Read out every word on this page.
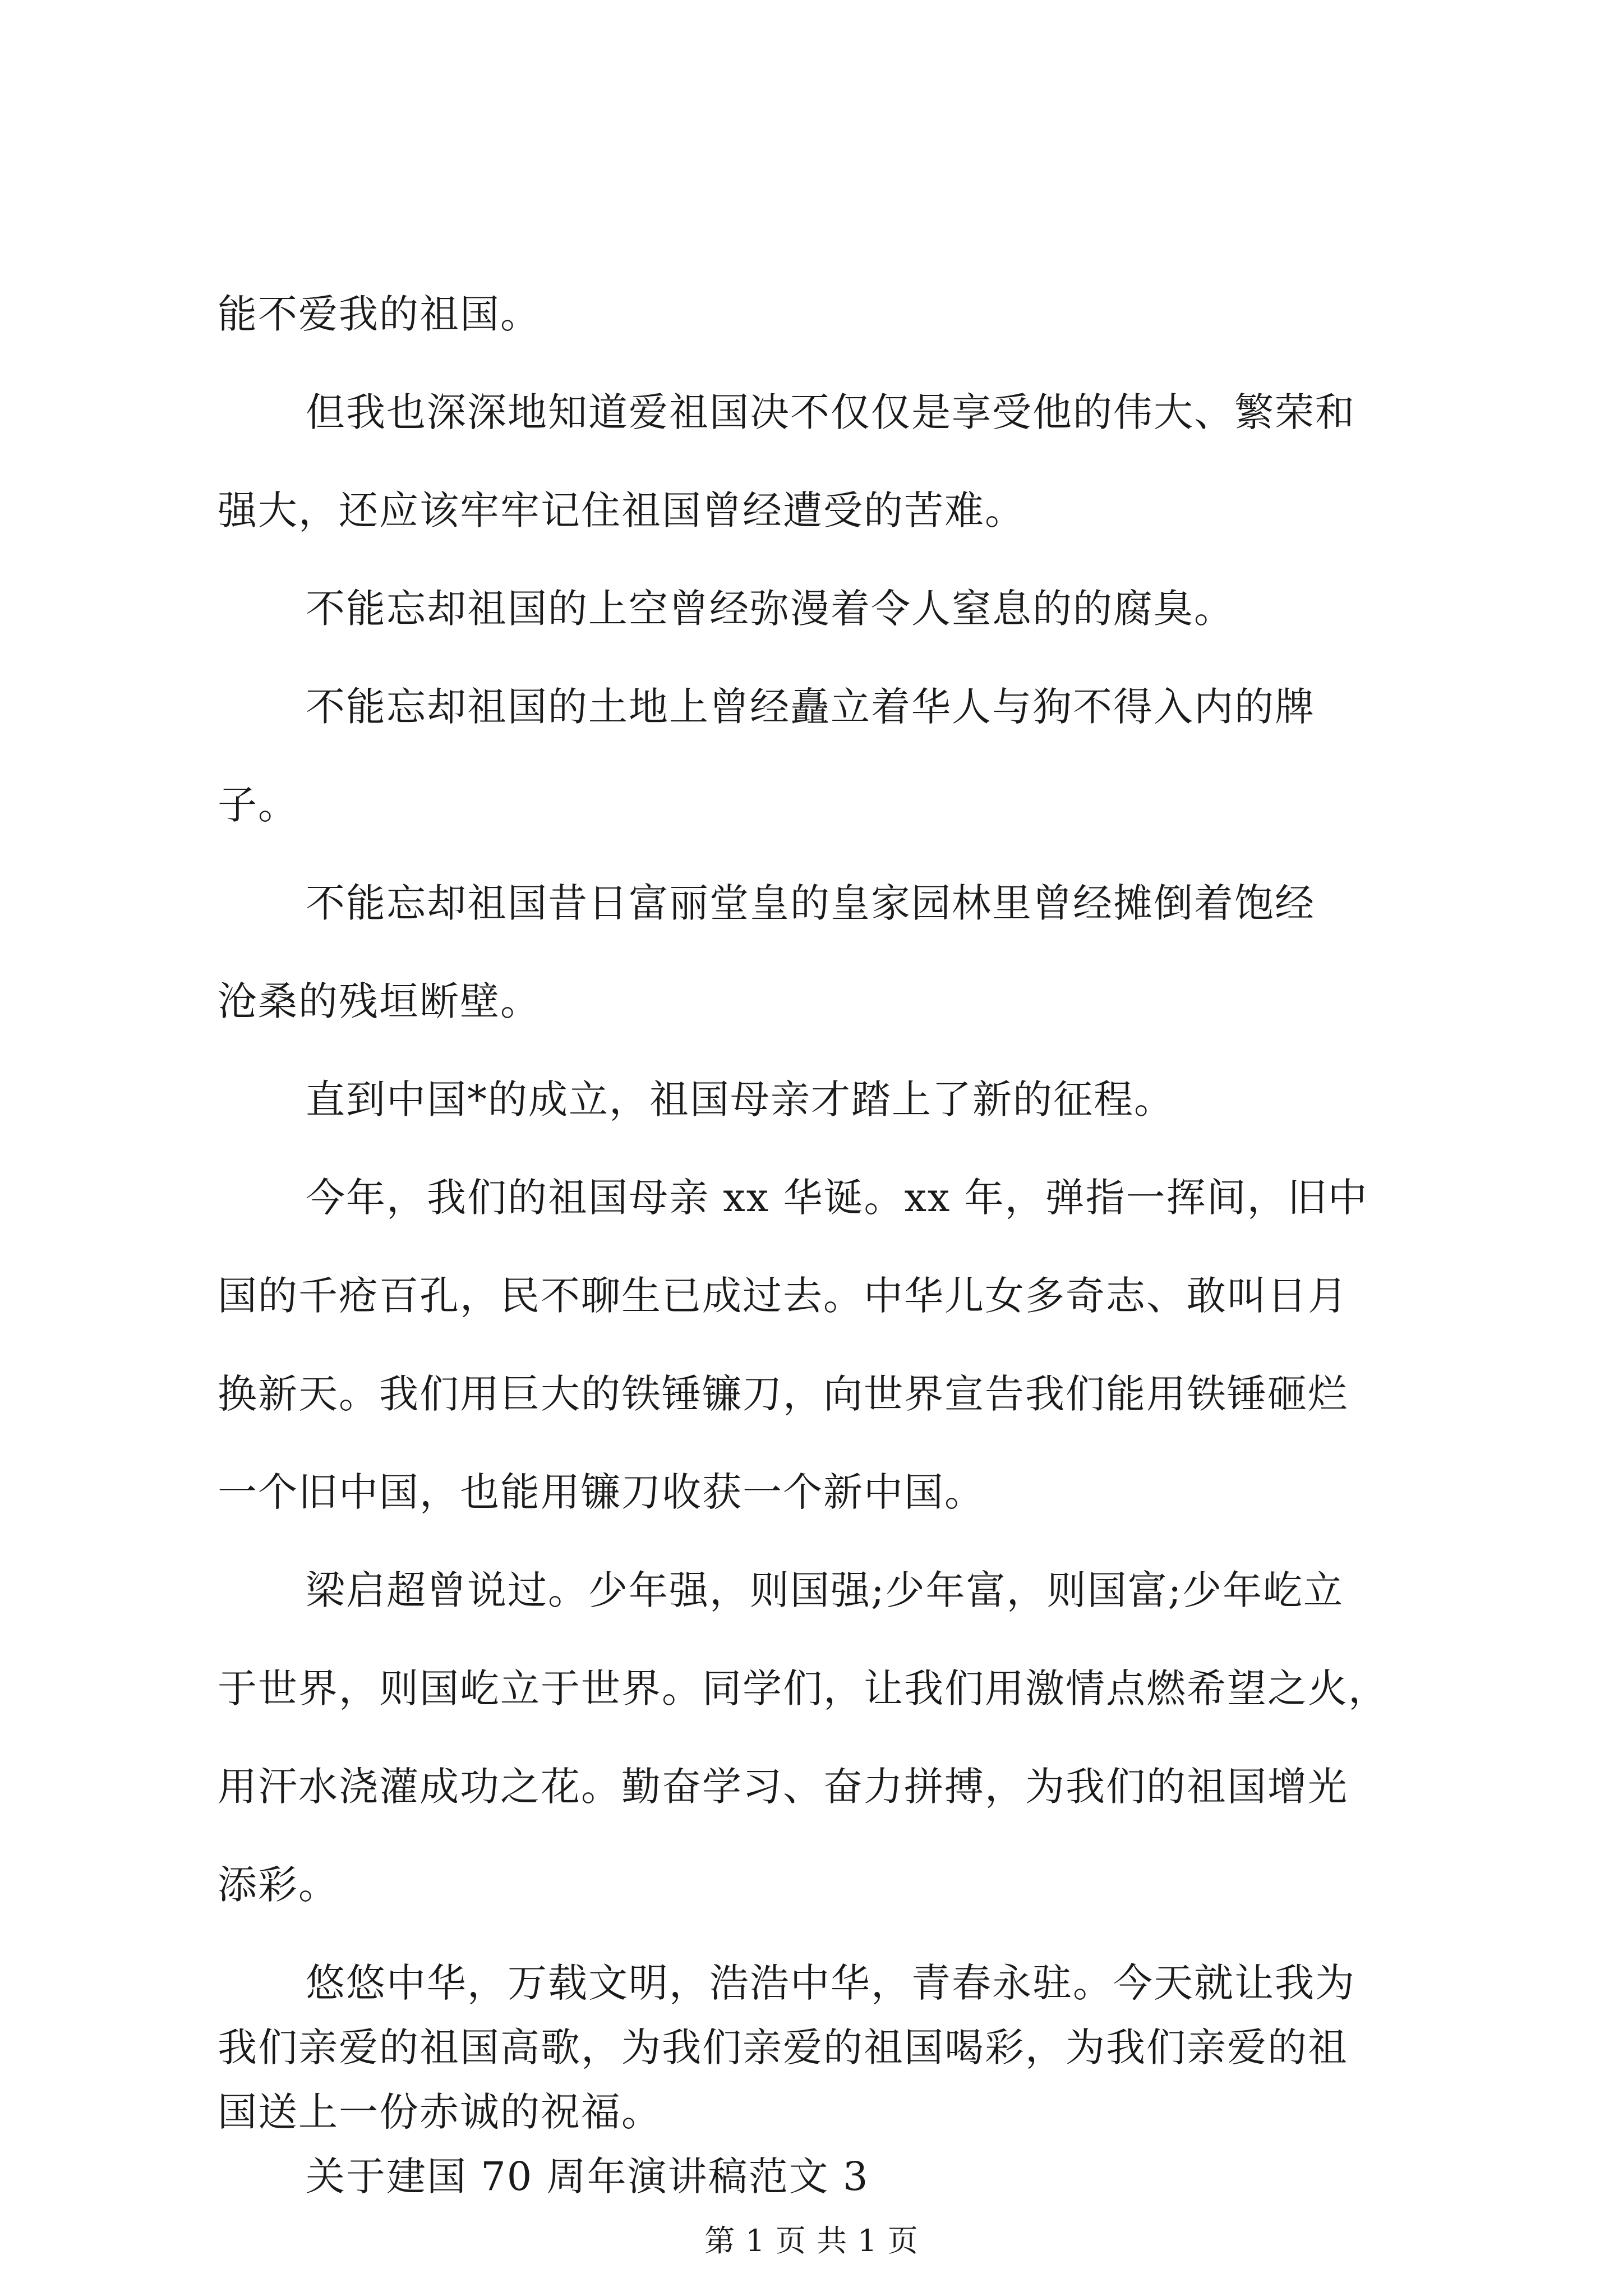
能不爱我的祖国。
但我也深深地知道爱祖国决不仅仅是享受他的伟大、繁荣和
强大，还应该牢牢记住祖国曾经遭受的苦难。
不能忘却祖国的上空曾经弥漫着令人窒息的的腐臭。
不能忘却祖国的土地上曾经矗立着华人与狗不得入内的牌
子。
不能忘却祖国昔日富丽堂皇的皇家园林里曾经摊倒着饱经
沧桑的残垣断壁。
直到中国*的成立，祖国母亲才踏上了新的征程。
今年，我们的祖国母亲 xx 华诞。xx 年，弹指一挥间，旧中
国的千疮百孔，民不聊生已成过去。中华儿女多奇志、敢叫日月
换新天。我们用巨大的铁锤镰刀，向世界宣告我们能用铁锤砸烂
一个旧中国，也能用镰刀收获一个新中国。
梁启超曾说过。少年强，则国强;少年富，则国富;少年屹立
于世界，则国屹立于世界。同学们，让我们用激情点燃希望之火，
用汗水浇灌成功之花。勤奋学习、奋力拼搏，为我们的祖国增光
添彩。
悠悠中华，万载文明，浩浩中华，青春永驻。今天就让我为
我们亲爱的祖国高歌，为我们亲爱的祖国喝彩，为我们亲爱的祖
国送上一份赤诚的祝福。
关于建国 70 周年演讲稿范文 3
第 1 页 共 1 页
